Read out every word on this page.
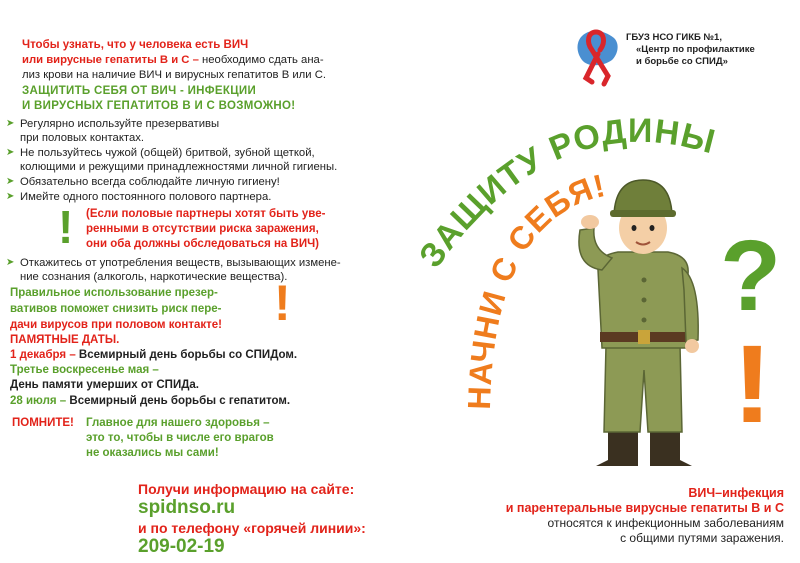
Чтобы узнать, что у человека есть ВИЧ
или вирусные гепатиты В и С – необходимо сдать ана-
лиз крови на наличие ВИЧ и вирусных гепатитов В или С.
ЗАЩИТИТЬ СЕБЯ ОТ ВИЧ - ИНФЕКЦИИ
И ВИРУСНЫХ ГЕПАТИТОВ В И С ВОЗМОЖНО!
➤ Регулярно используйте презервативы
при половых контактах.
➤ Не пользуйтесь чужой (общей) бритвой, зубной щеткой,
колющими и режущими принадлежностями личной гигиены.
➤ Обязательно всегда соблюдайте личную гигиену!
➤ Имейте одного постоянного полового партнера.
! (Если половые партнеры хотят быть уве-
ренными в отсутствии риска заражения,
они оба должны обследоваться на ВИЧ)
➤ Откажитесь от употребления веществ, вызывающих измене-
ние сознания (алкоголь, наркотические вещества).
Правильное использование презер-
вативов поможет снизить риск пере-
дачи вирусов при половом контакте! !
ПАМЯТНЫЕ ДАТЫ.
1 декабря – Всемирный день борьбы со СПИДом.
Третье воскресенье мая –
День памяти умерших от СПИДа.
28 июля – Всемирный день борьбы с гепатитом.
ПОМНИТЕ! Главное для нашего здоровья –
это то, чтобы в числе его врагов
не оказались мы сами!
Получи информацию на сайте:
spidnso.ru
и по телефону «горячей линии»:
209-02-19
ГБУЗ НСО ГИКБ №1,
«Центр по профилактике
и борьбе со СПИД»
ЗАЩИТУ РОДИНЫ
НАЧНИ С СЕБЯ!
?
!
ВИЧ–инфекция
и парентеральные вирусные гепатиты В и С
относятся к инфекционным заболеваниям
с общими путями заражения.
